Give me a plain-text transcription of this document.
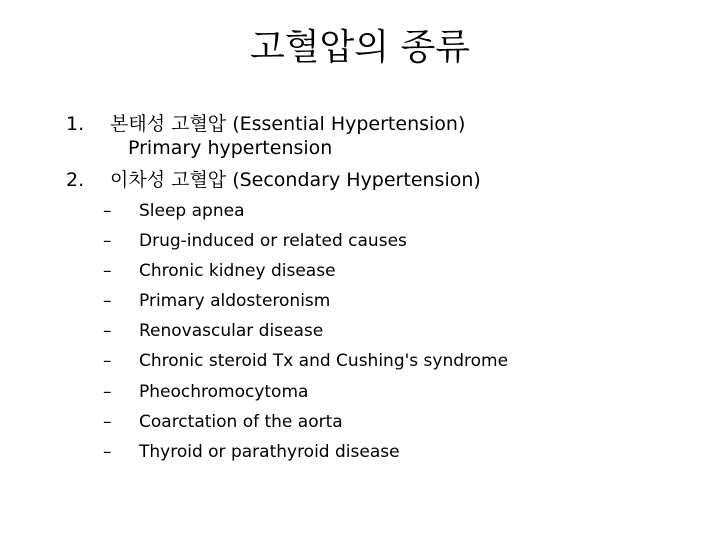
고혈압의 종류
1. 본태성 고혈압 (Essential Hypertension)
Primary hypertension
2. 이차성 고혈압 (Secondary Hypertension)
–	Sleep apnea
–	Drug-induced or related causes
–	Chronic kidney disease
–	Primary aldosteronism
–	Renovascular disease
–	Chronic steroid Tx and Cushing's syndrome
–	Pheochromocytoma
–	Coarctation of the aorta
–	Thyroid or parathyroid disease
